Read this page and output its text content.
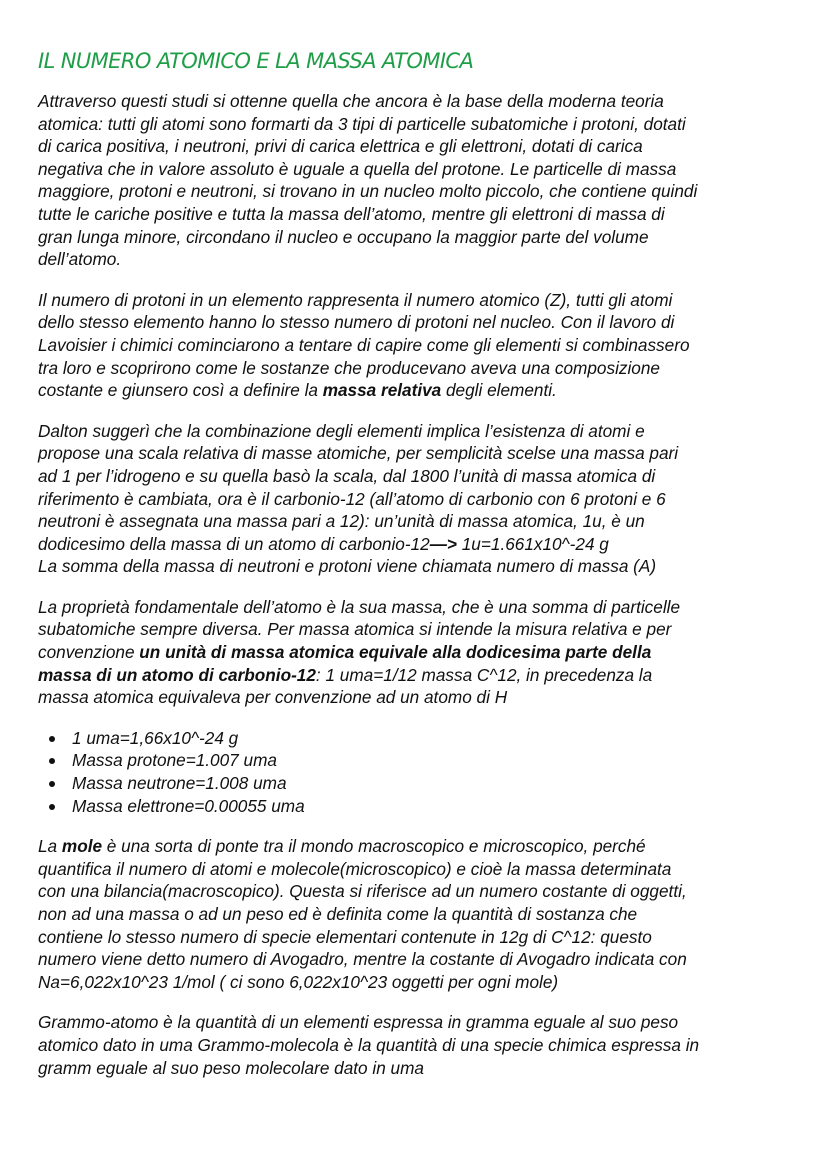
IL NUMERO ATOMICO E LA MASSA ATOMICA

Attraverso questi studi si ottenne quella che ancora è la base della moderna teoria
atomica: tutti gli atomi sono formarti da 3 tipi di particelle subatomiche i protoni, dotati
di carica positiva, i neutroni, privi di carica elettrica e gli elettroni, dotati di carica
negativa che in valore assoluto è uguale a quella del protone. Le particelle di massa
maggiore, protoni e neutroni, si trovano in un nucleo molto piccolo, che contiene quindi
tutte le cariche positive e tutta la massa dell’atomo, mentre gli elettroni di massa di
gran lunga minore, circondano il nucleo e occupano la maggior parte del volume
dell’atomo.

Il numero di protoni in un elemento rappresenta il numero atomico (Z), tutti gli atomi
dello stesso elemento hanno lo stesso numero di protoni nel nucleo. Con il lavoro di
Lavoisier i chimici cominciarono a tentare di capire come gli elementi si combinassero
tra loro e scoprirono come le sostanze che producevano aveva una composizione
costante e giunsero così a definire la massa relativa degli elementi.

Dalton suggerì che la combinazione degli elementi implica l’esistenza di atomi e
propose una scala relativa di masse atomiche, per semplicità scelse una massa pari
ad 1 per l’idrogeno e su quella basò la scala, dal 1800 l’unità di massa atomica di
riferimento è cambiata, ora è il carbonio-12 (all’atomo di carbonio con 6 protoni e 6
neutroni è assegnata una massa pari a 12): un’unità di massa atomica, 1u, è un
dodicesimo della massa di un atomo di carbonio-12—> 1u=1.661x10^-24 g
La somma della massa di neutroni e protoni viene chiamata numero di massa (A)

La proprietà fondamentale dell’atomo è la sua massa, che è una somma di particelle
subatomiche sempre diversa. Per massa atomica si intende la misura relativa e per
convenzione un unità di massa atomica equivale alla dodicesima parte della
massa di un atomo di carbonio-12: 1 uma=1/12 massa C^12, in precedenza la
massa atomica equivaleva per convenzione ad un atomo di H

1 uma=1,66x10^-24 g
Massa protone=1.007 uma
Massa neutrone=1.008 uma
Massa elettrone=0.00055 uma

La mole è una sorta di ponte tra il mondo macroscopico e microscopico, perché
quantifica il numero di atomi e molecole(microscopico) e cioè la massa determinata
con una bilancia(macroscopico). Questa si riferisce ad un numero costante di oggetti,
non ad una massa o ad un peso ed è definita come la quantità di sostanza che
contiene lo stesso numero di specie elementari contenute in 12g di C^12: questo
numero viene detto numero di Avogadro, mentre la costante di Avogadro indicata con
Na=6,022x10^23 1/mol ( ci sono 6,022x10^23 oggetti per ogni mole)

Grammo-atomo è la quantità di un elementi espressa in gramma eguale al suo peso
atomico dato in uma Grammo-molecola è la quantità di una specie chimica espressa in
gramm eguale al suo peso molecolare dato in uma
